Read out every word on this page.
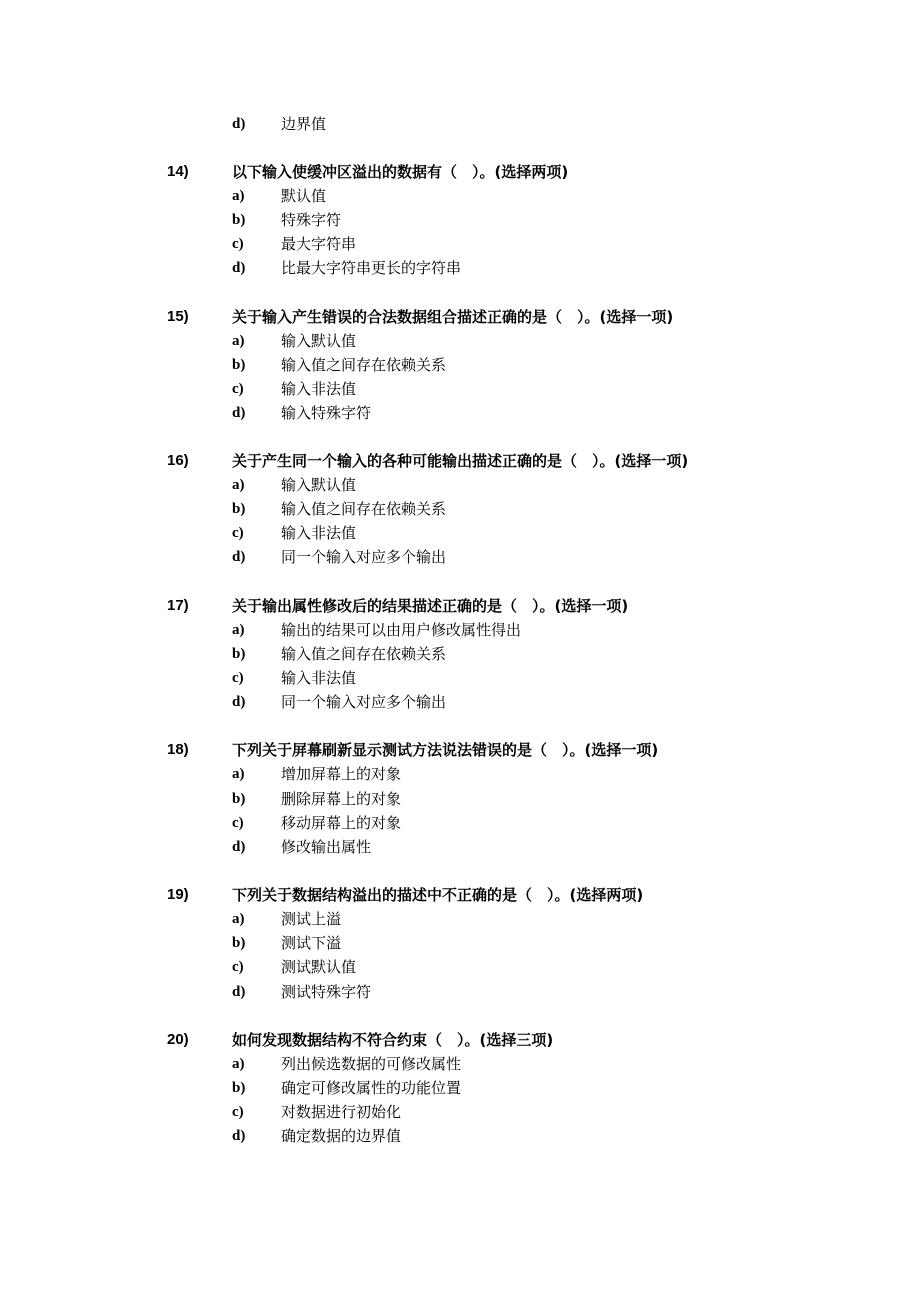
d) 边界值
14)	以下输入使缓冲区溢出的数据有（　）。(选择两项)
a) 默认值
b) 特殊字符
c) 最大字符串
d) 比最大字符串更长的字符串
15)	关于输入产生错误的合法数据组合描述正确的是（　）。(选择一项)
a) 输入默认值
b) 输入值之间存在依赖关系
c) 输入非法值
d) 输入特殊字符
16)	关于产生同一个输入的各种可能输出描述正确的是（　）。(选择一项)
a) 输入默认值
b) 输入值之间存在依赖关系
c) 输入非法值
d) 同一个输入对应多个输出
17)	关于输出属性修改后的结果描述正确的是（　）。(选择一项)
a) 输出的结果可以由用户修改属性得出
b) 输入值之间存在依赖关系
c) 输入非法值
d) 同一个输入对应多个输出
18)	下列关于屏幕刷新显示测试方法说法错误的是（　）。(选择一项)
a) 增加屏幕上的对象
b) 删除屏幕上的对象
c) 移动屏幕上的对象
d) 修改输出属性
19)	下列关于数据结构溢出的描述中不正确的是（　）。(选择两项)
a) 测试上溢
b) 测试下溢
c) 测试默认值
d) 测试特殊字符
20)	如何发现数据结构不符合约束（　）。(选择三项)
a) 列出候选数据的可修改属性
b) 确定可修改属性的功能位置
c) 对数据进行初始化
d) 确定数据的边界值
